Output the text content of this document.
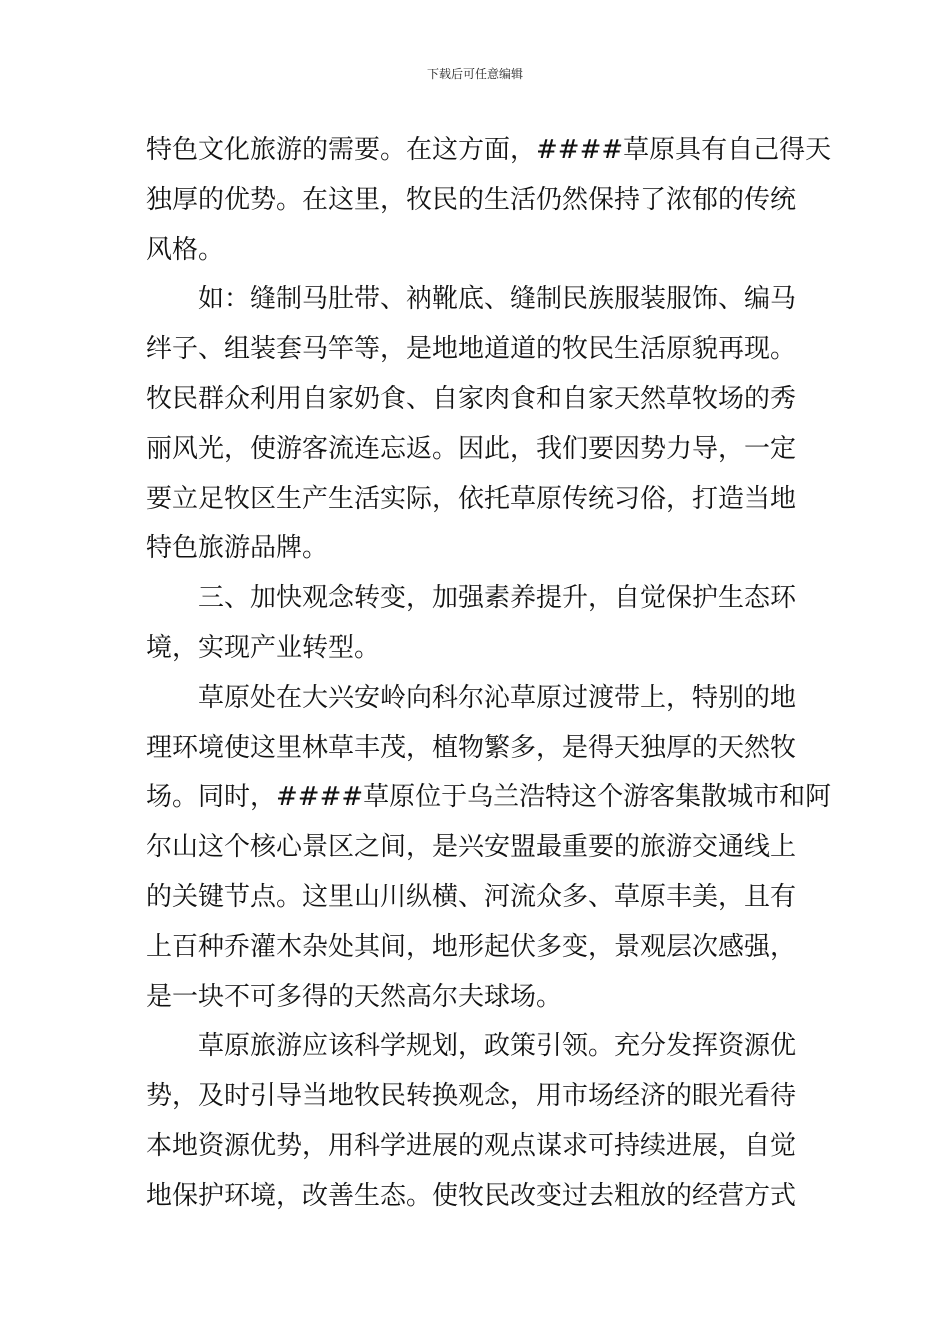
下载后可任意编辑
特色文化旅游的需要。在这方面，####草原具有自己得天
独厚的优势。在这里，牧民的生活仍然保持了浓郁的传统
风格。
如：缝制马肚带、衲靴底、缝制民族服装服饰、编马
绊子、组装套马竿等，是地地道道的牧民生活原貌再现。
牧民群众利用自家奶食、自家肉食和自家天然草牧场的秀
丽风光，使游客流连忘返。因此，我们要因势力导，一定
要立足牧区生产生活实际，依托草原传统习俗，打造当地
特色旅游品牌。
三、加快观念转变，加强素养提升，自觉保护生态环
境，实现产业转型。
草原处在大兴安岭向科尔沁草原过渡带上，特别的地
理环境使这里林草丰茂，植物繁多，是得天独厚的天然牧
场。同时，####草原位于乌兰浩特这个游客集散城市和阿
尔山这个核心景区之间，是兴安盟最重要的旅游交通线上
的关键节点。这里山川纵横、河流众多、草原丰美，且有
上百种乔灌木杂处其间，地形起伏多变，景观层次感强，
是一块不可多得的天然高尔夫球场。
草原旅游应该科学规划，政策引领。充分发挥资源优
势，及时引导当地牧民转换观念，用市场经济的眼光看待
本地资源优势，用科学进展的观点谋求可持续进展，自觉
地保护环境，改善生态。使牧民改变过去粗放的经营方式
